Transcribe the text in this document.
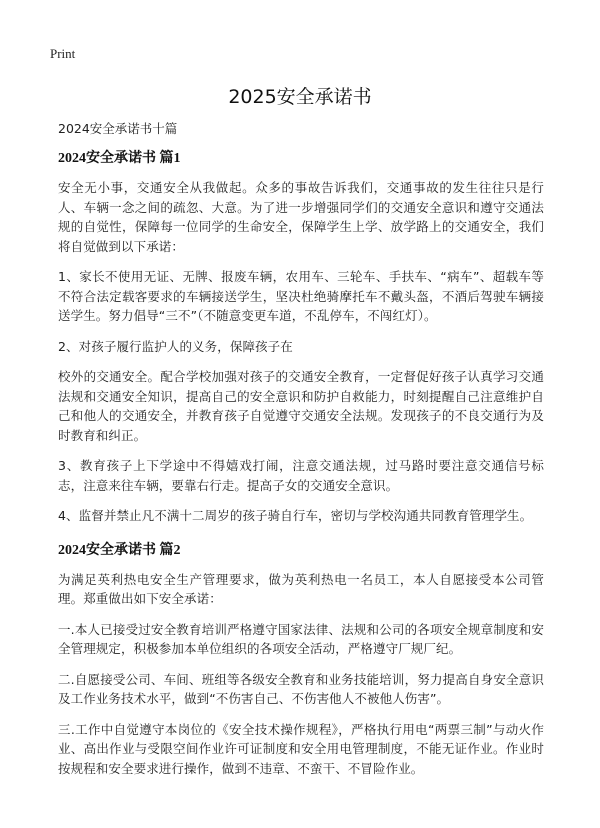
Print
2025安全承诺书

2024安全承诺书十篇

2024安全承诺书 篇1

安全无小事，交通安全从我做起。众多的事故告诉我们，交通事故的发生往往只是行人、车辆一念之间的疏忽、大意。为了进一步增强同学们的交通安全意识和遵守交通法规的自觉性，保障每一位同学的生命安全，保障学生上学、放学路上的交通安全，我们将自觉做到以下承诺：

1、家长不使用无证、无牌、报废车辆，农用车、三轮车、手扶车、“病车”、超载车等不符合法定载客要求的车辆接送学生，坚决杜绝骑摩托车不戴头盔，不酒后驾驶车辆接送学生。努力倡导“三不”（不随意变更车道，不乱停车，不闯红灯）。

2、对孩子履行监护人的义务，保障孩子在

校外的交通安全。配合学校加强对孩子的交通安全教育，一定督促好孩子认真学习交通法规和交通安全知识，提高自己的安全意识和防护自救能力，时刻提醒自己注意维护自己和他人的交通安全，并教育孩子自觉遵守交通安全法规。发现孩子的不良交通行为及时教育和纠正。

3、教育孩子上下学途中不得嬉戏打闹，注意交通法规，过马路时要注意交通信号标志，注意来往车辆，要靠右行走。提高子女的交通安全意识。

4、监督并禁止凡不满十二周岁的孩子骑自行车，密切与学校沟通共同教育管理学生。

2024安全承诺书 篇2

为满足英利热电安全生产管理要求，做为英利热电一名员工，本人自愿接受本公司管理。郑重做出如下安全承诺：

一.本人已接受过安全教育培训严格遵守国家法律、法规和公司的各项安全规章制度和安全管理规定，积极参加本单位组织的各项安全活动，严格遵守厂规厂纪。

二.自愿接受公司、车间、班组等各级安全教育和业务技能培训，努力提高自身安全意识及工作业务技术水平，做到“不伤害自己、不伤害他人不被他人伤害”。

三.工作中自觉遵守本岗位的《安全技术操作规程》，严格执行用电“两票三制”与动火作业、高出作业与受限空间作业许可证制度和安全用电管理制度，不能无证作业。作业时按规程和安全要求进行操作，做到不违章、不蛮干、不冒险作业。
